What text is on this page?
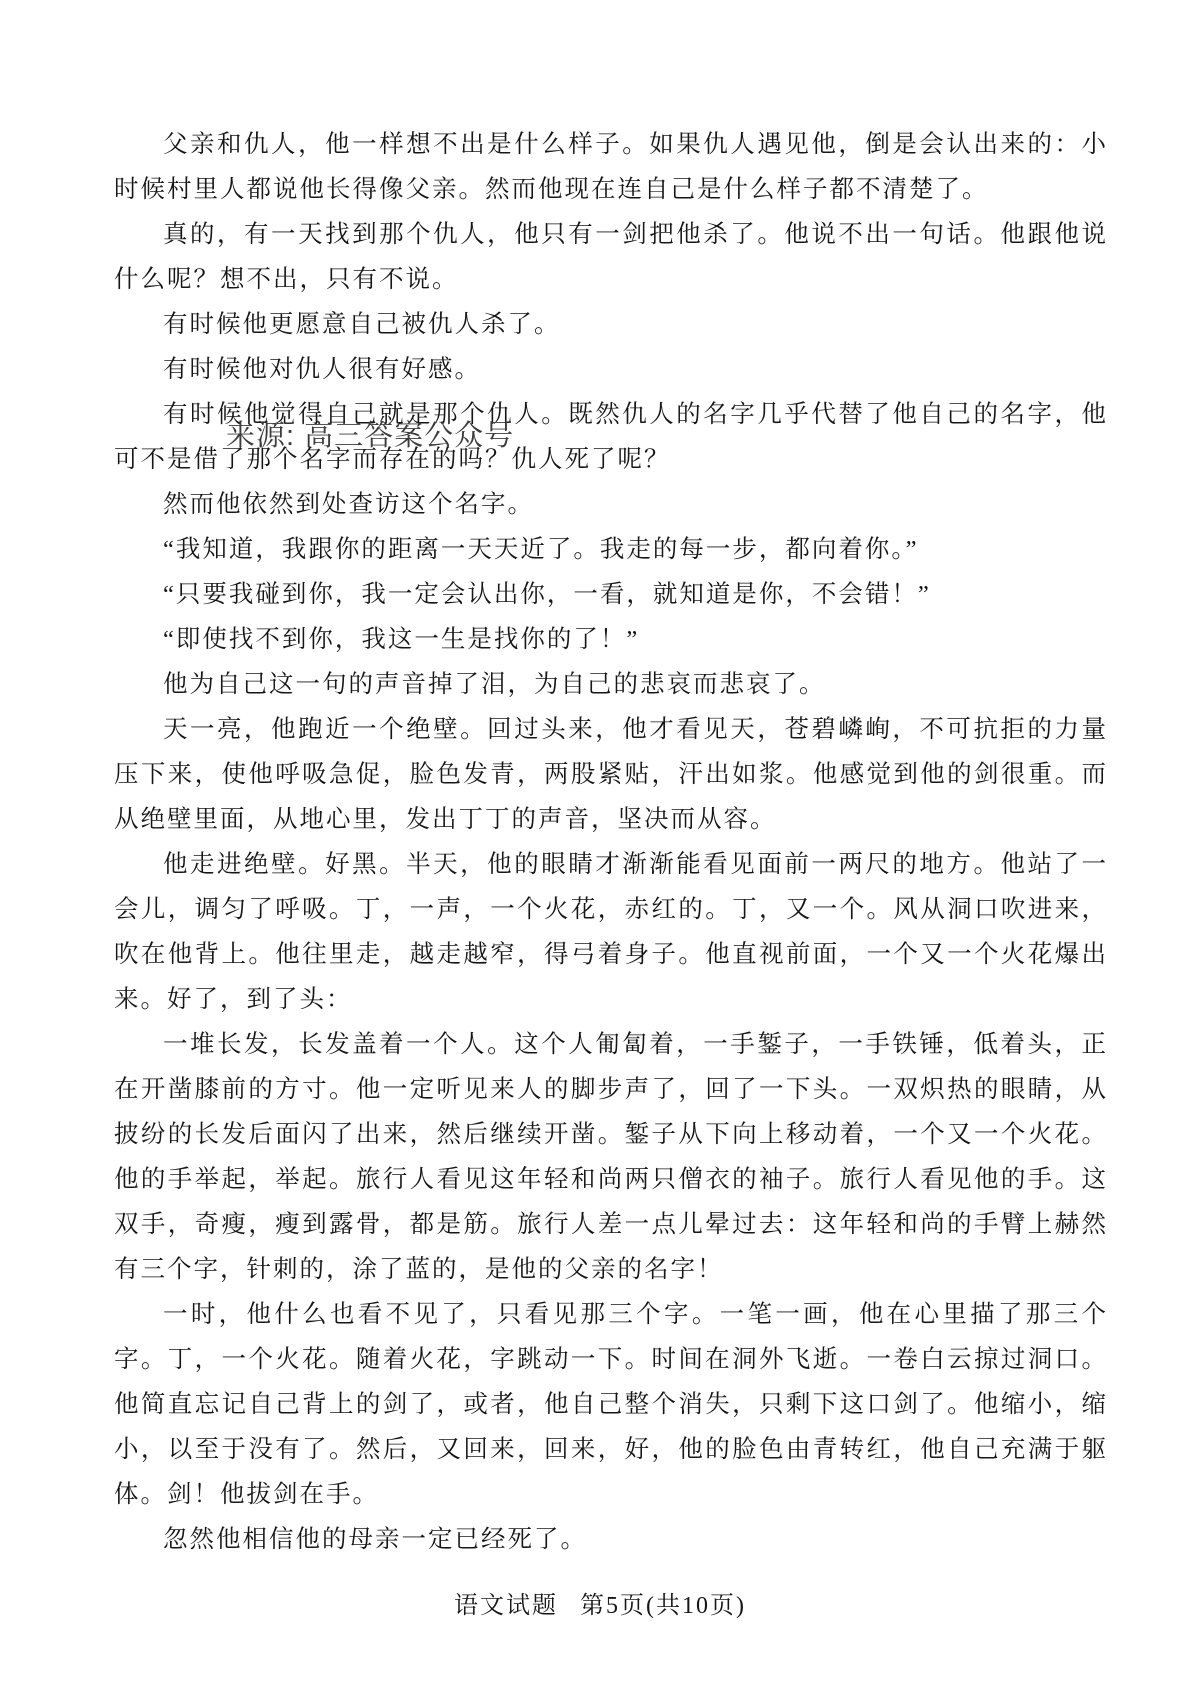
父亲和仇人，他一样想不出是什么样子。如果仇人遇见他，倒是会认出来的：小时候村里人都说他长得像父亲。然而他现在连自己是什么样子都不清楚了。

真的，有一天找到那个仇人，他只有一剑把他杀了。他说不出一句话。他跟他说什么呢？想不出，只有不说。

有时候他更愿意自己被仇人杀了。

有时候他对仇人很有好感。

有时候他觉得自己就是那个仇人。既然仇人的名字几乎代替了他自己的名字，他可不是借了那个名字而存在的吗？仇人死了呢？

然而他依然到处查访这个名字。

“我知道，我跟你的距离一天天近了。我走的每一步，都向着你。”

“只要我碰到你，我一定会认出你，一看，就知道是你，不会错！”

“即使找不到你，我这一生是找你的了！”

他为自己这一句的声音掉了泪，为自己的悲哀而悲哀了。

天一亮，他跑近一个绝壁。回过头来，他才看见天，苍碧嶙峋，不可抗拒的力量压下来，使他呼吸急促，脸色发青，两股紧贴，汗出如浆。他感觉到他的剑很重。而从绝壁里面，从地心里，发出丁丁的声音，坚决而从容。

他走进绝壁。好黑。半天，他的眼睛才渐渐能看见面前一两尺的地方。他站了一会儿，调匀了呼吸。丁，一声，一个火花，赤红的。丁，又一个。风从洞口吹进来，吹在他背上。他往里走，越走越窄，得弓着身子。他直视前面，一个又一个火花爆出来。好了，到了头：

一堆长发，长发盖着一个人。这个人匍匐着，一手錾子，一手铁锤，低着头，正在开凿膝前的方寸。他一定听见来人的脚步声了，回了一下头。一双炽热的眼睛，从披纷的长发后面闪了出来，然后继续开凿。錾子从下向上移动着，一个又一个火花。他的手举起，举起。旅行人看见这年轻和尚两只僧衣的袖子。旅行人看见他的手。这双手，奇瘦，瘦到露骨，都是筋。旅行人差一点儿晕过去：这年轻和尚的手臂上赫然有三个字，针刺的，涂了蓝的，是他的父亲的名字！

一时，他什么也看不见了，只看见那三个字。一笔一画，他在心里描了那三个字。丁，一个火花。随着火花，字跳动一下。时间在洞外飞逝。一卷白云掠过洞口。他简直忘记自己背上的剑了，或者，他自己整个消失，只剩下这口剑了。他缩小，缩小，以至于没有了。然后，又回来，回来，好，他的脸色由青转红，他自己充满于躯体。剑！他拔剑在手。

忽然他相信他的母亲一定已经死了。

来源: 高三答案公众号
语文试题 第5页(共10页)
